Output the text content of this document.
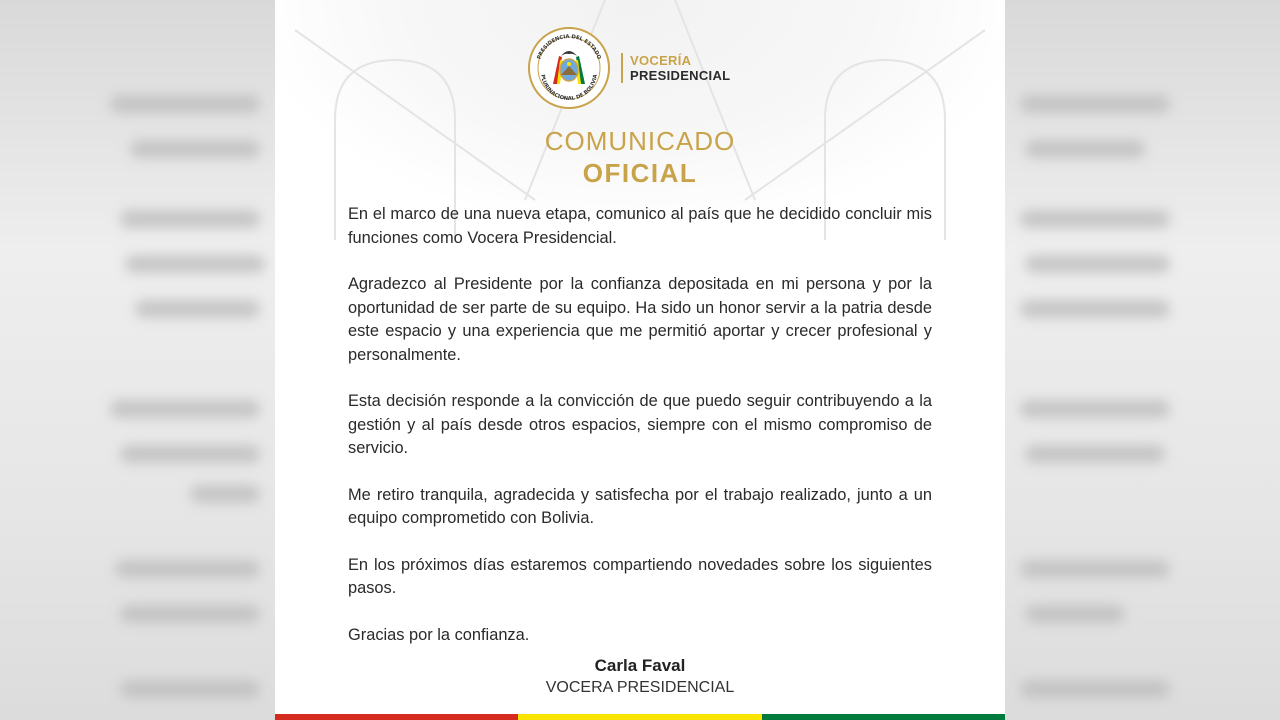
PRESIDENCIA DEL ESTADO
PLURINACIONAL DE BOLIVIA
VOCERÍA
PRESIDENCIAL
COMUNICADO
OFICIAL

En el marco de una nueva etapa, comunico al país que he decidido concluir mis funciones como Vocera Presidencial.

Agradezco al Presidente por la confianza depositada en mi persona y por la oportunidad de ser parte de su equipo. Ha sido un honor servir a la patria desde este espacio y una experiencia que me permitió aportar y crecer profesional y personalmente.

Esta decisión responde a la convicción de que puedo seguir contribuyendo a la gestión y al país desde otros espacios, siempre con el mismo compromiso de servicio.

Me retiro tranquila, agradecida y satisfecha por el trabajo realizado, junto a un equipo comprometido con Bolivia.

En los próximos días estaremos compartiendo novedades sobre los siguientes pasos.

Gracias por la confianza.

Carla Faval
VOCERA PRESIDENCIAL
